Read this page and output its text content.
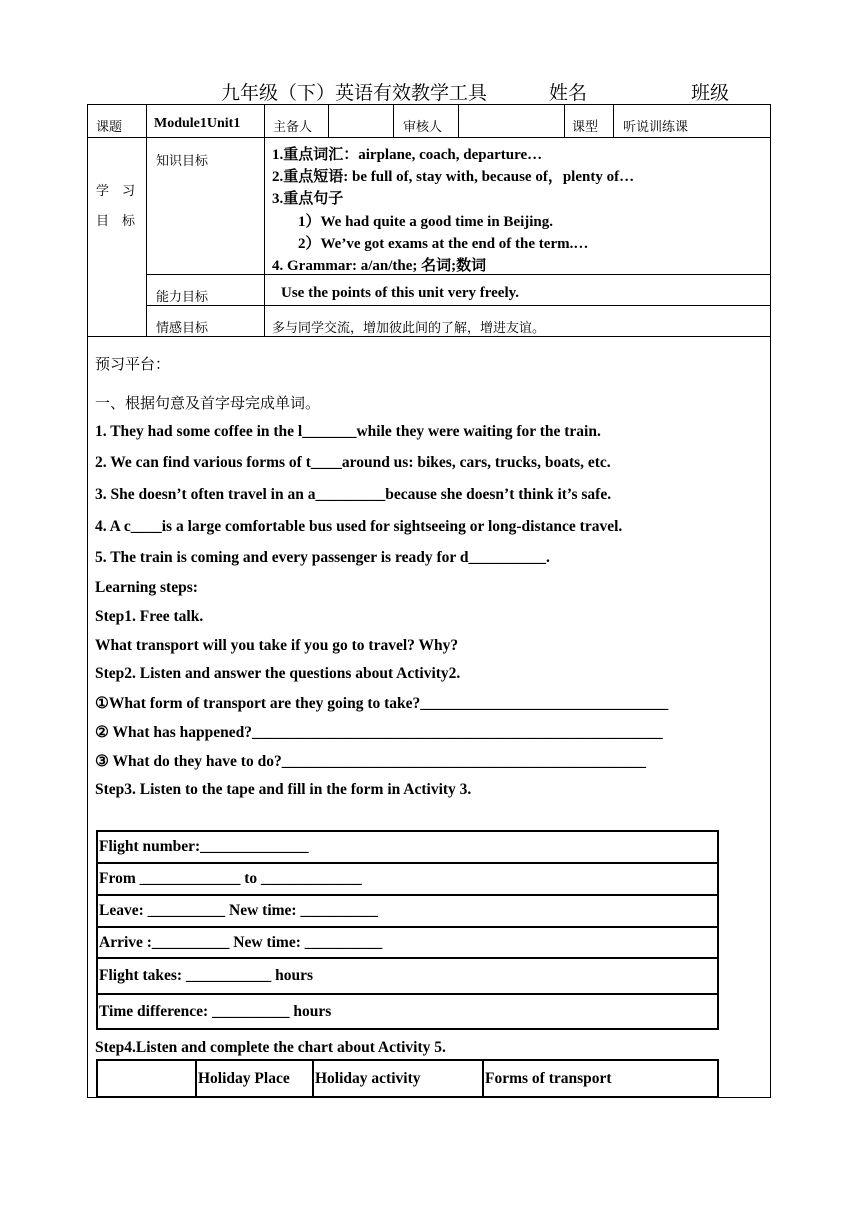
九年级（下）英语有效教学工具	姓名	班级
课题 Module1Unit1	主备人	审核人	课型 听说训练课
学　习
目　标
知识目标	1.重点词汇：airplane, coach, departure…
2.重点短语: be full of, stay with, because of，plenty of…
3.重点句子
1）We had quite a good time in Beijing.
2）We’ve got exams at the end of the term.…
4. Grammar: a/an/the; 名词;数词
能力目标	Use the points of this unit very freely.
情感目标	多与同学交流，增加彼此间的了解，增进友谊。
预习平台：
一、根据句意及首字母完成单词。
1. They had some coffee in the l_______while they were waiting for the train.
2. We can find various forms of t____around us: bikes, cars, trucks, boats, etc.
3. She doesn’t often travel in an a_________because she doesn’t think it’s safe.
4. A c____is a large comfortable bus used for sightseeing or long-distance travel.
5. The train is coming and every passenger is ready for d__________.
Learning steps:
Step1. Free talk.
What transport will you take if you go to travel? Why?
Step2. Listen and answer the questions about Activity2.
①What form of transport are they going to take?________________________________
② What has happened?_____________________________________________________
③ What do they have to do?_______________________________________________
Step3. Listen to the tape and fill in the form in Activity 3.
Flight number:______________
From _____________ to _____________
Leave: __________ New time: __________
Arrive :__________ New time: __________
Flight takes: ___________ hours
Time difference: __________ hours
Step4.Listen and complete the chart about Activity 5.
Holiday Place	Holiday activity	Forms of transport
